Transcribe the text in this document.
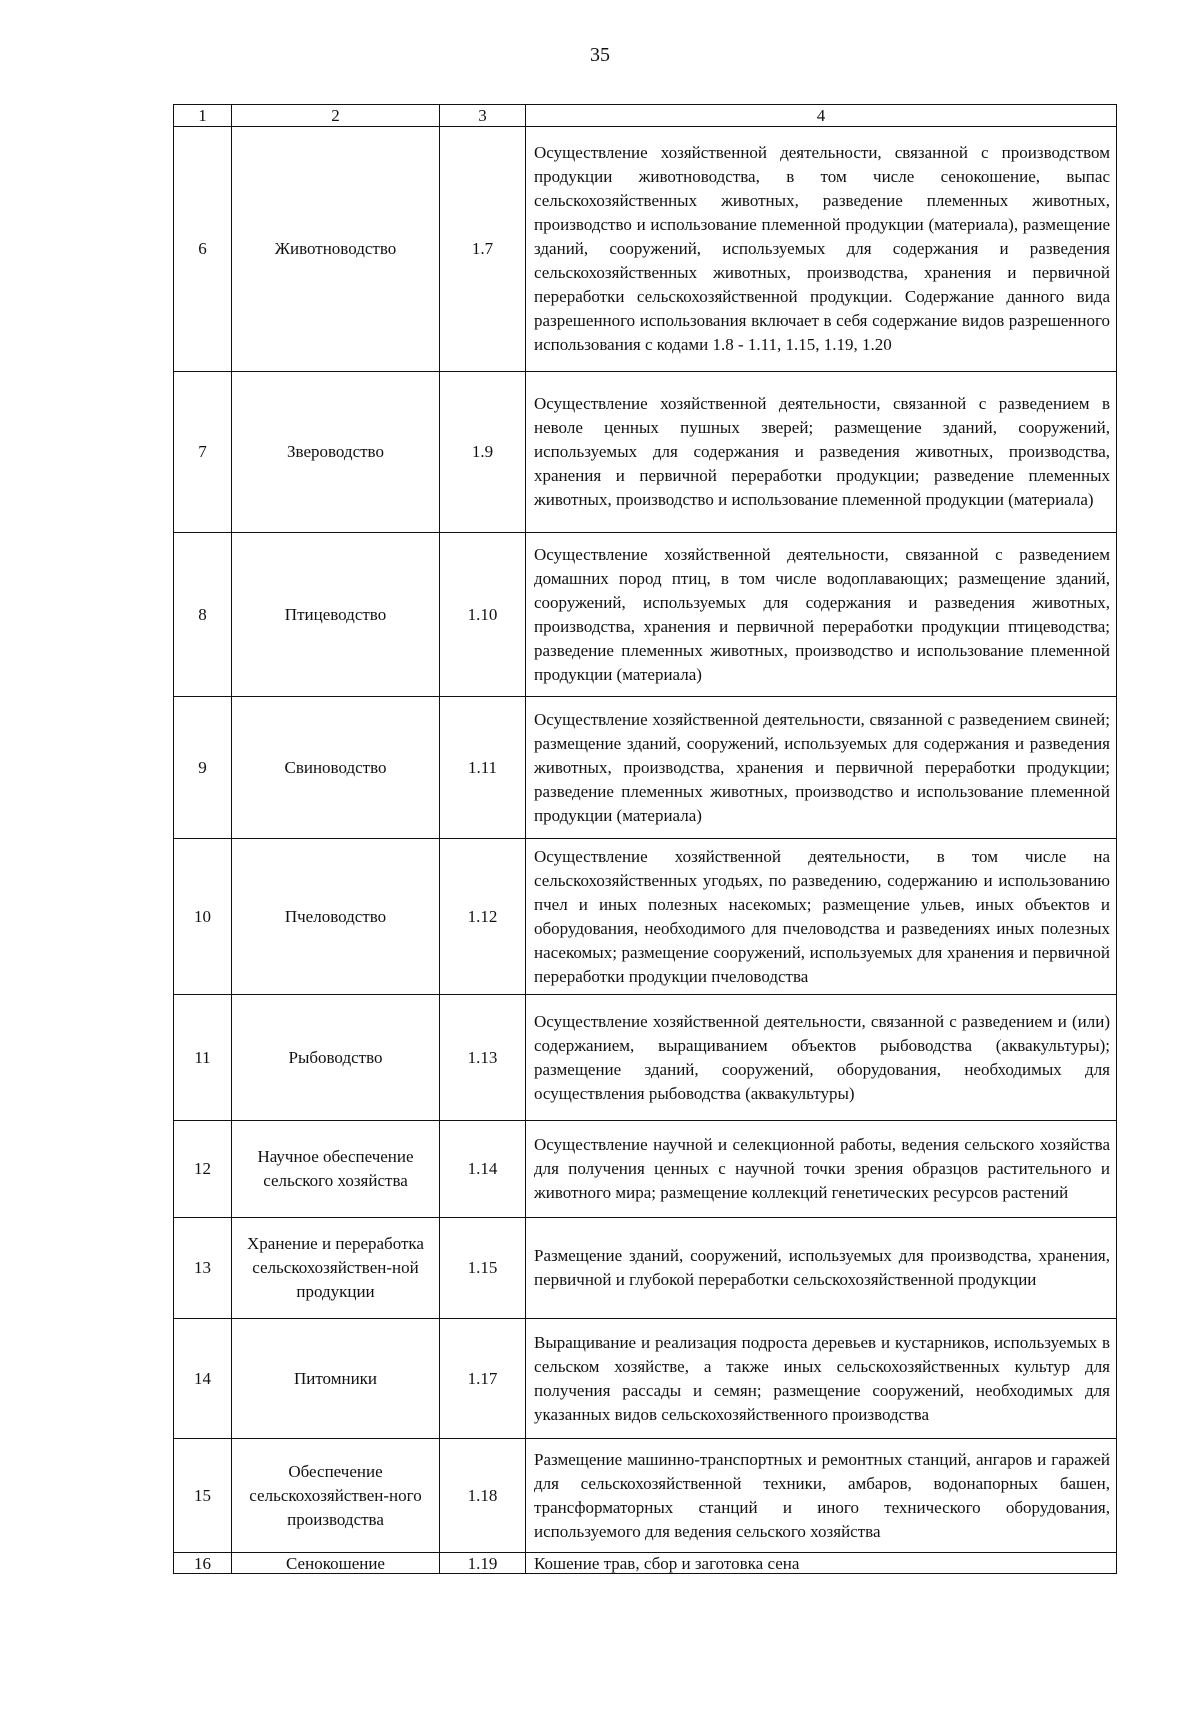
35
1	2	3	4
6	Животноводство	1.7	Осуществление хозяйственной деятельности, связанной с производством продукции животноводства, в том числе сенокошение, выпас сельскохозяйственных животных, разведение племенных животных, производство и использование племенной продукции (материала), размещение зданий, сооружений, используемых для содержания и разведения сельскохозяйственных животных, производства, хранения и первичной переработки сельскохозяйственной продукции. Содержание данного вида разрешенного использования включает в себя содержание видов разрешенного использования с кодами 1.8 - 1.11, 1.15, 1.19, 1.20
7	Звероводство	1.9	Осуществление хозяйственной деятельности, связанной с разведением в неволе ценных пушных зверей; размещение зданий, сооружений, используемых для содержания и разведения животных, производства, хранения и первичной переработки продукции; разведение племенных животных, производство и использование племенной продукции (материала)
8	Птицеводство	1.10	Осуществление хозяйственной деятельности, связанной с разведением домашних пород птиц, в том числе водоплавающих; размещение зданий, сооружений, используемых для содержания и разведения животных, производства, хранения и первичной переработки продукции птицеводства; разведение племенных животных, производство и использование племенной продукции (материала)
9	Свиноводство	1.11	Осуществление хозяйственной деятельности, связанной с разведением свиней; размещение зданий, сооружений, используемых для содержания и разведения животных, производства, хранения и первичной переработки продукции; разведение племенных животных, производство и использование племенной продукции (материала)
10	Пчеловодство	1.12	Осуществление хозяйственной деятельности, в том числе на сельскохозяйственных угодьях, по разведению, содержанию и использованию пчел и иных полезных насекомых; размещение ульев, иных объектов и оборудования, необходимого для пчеловодства и разведениях иных полезных насекомых; размещение сооружений, используемых для хранения и первичной переработки продукции пчеловодства
11	Рыбоводство	1.13	Осуществление хозяйственной деятельности, связанной с разведением и (или) содержанием, выращиванием объектов рыбоводства (аквакультуры); размещение зданий, сооружений, оборудования, необходимых для осуществления рыбоводства (аквакультуры)
12	Научное обеспечение сельского хозяйства	1.14	Осуществление научной и селекционной работы, ведения сельского хозяйства для получения ценных с научной точки зрения образцов растительного и животного мира; размещение коллекций генетических ресурсов растений
13	Хранение и переработка сельскохозяйствен-ной продукции	1.15	Размещение зданий, сооружений, используемых для производства, хранения, первичной и глубокой переработки сельскохозяйственной продукции
14	Питомники	1.17	Выращивание и реализация подроста деревьев и кустарников, используемых в сельском хозяйстве, а также иных сельскохозяйственных культур для получения рассады и семян; размещение сооружений, необходимых для указанных видов сельскохозяйственного производства
15	Обеспечение сельскохозяйствен-ного производства	1.18	Размещение машинно-транспортных и ремонтных станций, ангаров и гаражей для сельскохозяйственной техники, амбаров, водонапорных башен, трансформаторных станций и иного технического оборудования, используемого для ведения сельского хозяйства
16	Сенокошение	1.19	Кошение трав, сбор и заготовка сена
